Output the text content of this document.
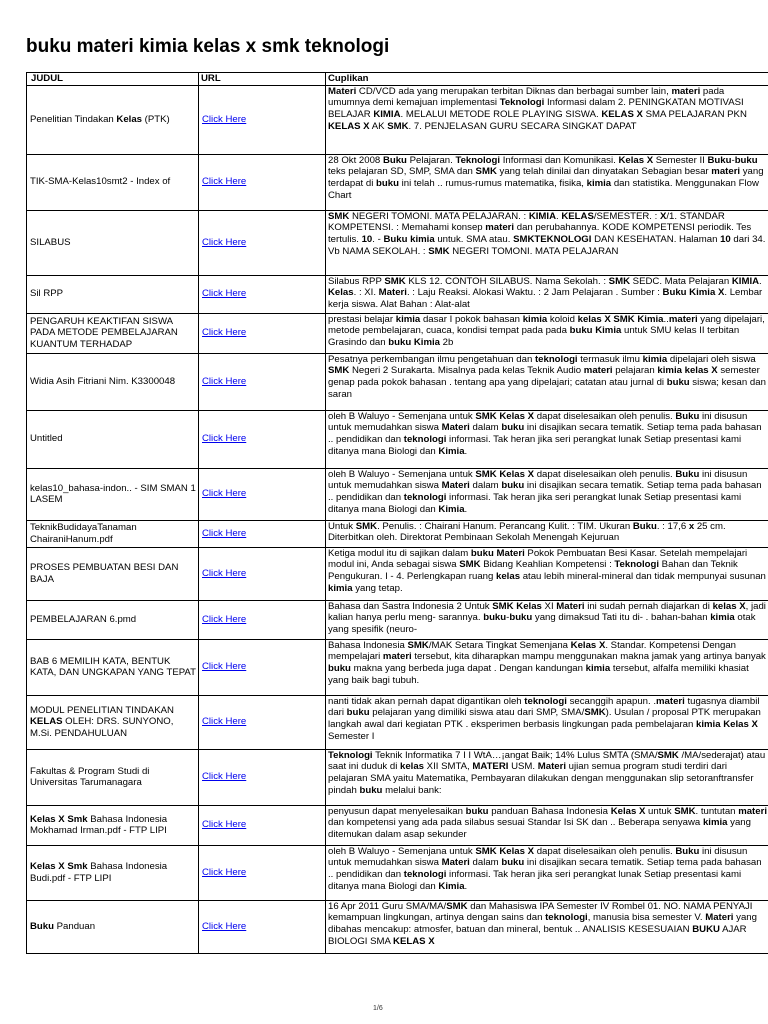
buku materi kimia kelas x smk teknologi
JUDUL	URL	Cuplikan
Penelitian Tindakan Kelas (PTK)	Click Here	Materi CD/VCD ada yang merupakan terbitan Diknas dan berbagai sumber lain, materi pada umumnya demi kemajuan implementasi Teknologi Informasi dalam 2. PENINGKATAN MOTIVASI BELAJAR KIMIA. MELALUI METODE ROLE PLAYING SISWA. KELAS X SMA PELAJARAN PKN KELAS X AK SMK. 7. PENJELASAN GURU SECARA SINGKAT DAPAT
TIK-SMA-Kelas10smt2 - Index of	Click Here	28 Okt 2008 Buku Pelajaran. Teknologi Informasi dan Komunikasi. Kelas X Semester II Buku-buku teks pelajaran SD, SMP, SMA dan SMK yang telah dinilai dan dinyatakan Sebagian besar materi yang terdapat di buku ini telah .. rumus-rumus matematika, fisika, kimia dan statistika. Menggunakan Flow Chart
SILABUS	Click Here	SMK NEGERI TOMONI. MATA PELAJARAN. : KIMIA. KELAS/SEMESTER. : X/1. STANDAR KOMPETENSI. : Memahami konsep materi dan perubahannya. KODE KOMPETENSI periodik. Tes tertulis. 10. - Buku kimia untuk. SMA atau. SMKTEKNOLOGI DAN KESEHATAN. Halaman 10 dari 34. Vb NAMA SEKOLAH. : SMK NEGERI TOMONI. MATA PELAJARAN
Sil RPP	Click Here	Silabus RPP SMK KLS 12. CONTOH SILABUS. Nama Sekolah. : SMK SEDC. Mata Pelajaran KIMIA. Kelas. : XI. Materi. : Laju Reaksi. Alokasi Waktu. : 2 Jam Pelajaran . Sumber : Buku Kimia X. Lembar kerja siswa. Alat Bahan : Alat-alat
PENGARUH KEAKTIFAN SISWA PADA METODE PEMBELAJARAN KUANTUM TERHADAP	Click Here	prestasi belajar kimia dasar I pokok bahasan kimia koloid kelas X SMK Kimia..materi yang dipelajari, metode pembelajaran, cuaca, kondisi tempat pada pada buku Kimia untuk SMU kelas II terbitan Grasindo dan buku Kimia 2b
Widia Asih Fitriani Nim. K3300048	Click Here	Pesatnya perkembangan ilmu pengetahuan dan teknologi termasuk ilmu kimia dipelajari oleh siswa SMK Negeri 2 Surakarta. Misalnya pada kelas Teknik Audio materi pelajaran kimia kelas X semester genap pada pokok bahasan . tentang apa yang dipelajari; catatan atau jurnal di buku siswa; kesan dan saran
Untitled	Click Here	oleh B Waluyo - Semenjana untuk SMK Kelas X dapat diselesaikan oleh penulis. Buku ini disusun untuk memudahkan siswa Materi dalam buku ini disajikan secara tematik. Setiap tema pada bahasan .. pendidikan dan teknologi informasi. Tak heran jika seri perangkat lunak Setiap presentasi kami ditanya mana Biologi dan Kimia.
kelas10_bahasa-indon.. - SIM SMAN 1 LASEM	Click Here	oleh B Waluyo - Semenjana untuk SMK Kelas X dapat diselesaikan oleh penulis. Buku ini disusun untuk memudahkan siswa Materi dalam buku ini disajikan secara tematik. Setiap tema pada bahasan .. pendidikan dan teknologi informasi. Tak heran jika seri perangkat lunak Setiap presentasi kami ditanya mana Biologi dan Kimia.
TeknikBudidayaTanaman ChairaniHanum.pdf	Click Here	Untuk SMK. Penulis. : Chairani Hanum. Perancang Kulit. : TIM. Ukuran Buku. : 17,6 x 25 cm. Diterbitkan oleh. Direktorat Pembinaan Sekolah Menengah Kejuruan
PROSES PEMBUATAN BESI DAN BAJA	Click Here	Ketiga modul itu di sajikan dalam buku Materi Pokok Pembuatan Besi Kasar. Setelah mempelajari modul ini, Anda sebagai siswa SMK Bidang Keahlian Kompetensi : Teknologi Bahan dan Teknik Pengukuran. I - 4. Perlengkapan ruang kelas atau lebih mineral-mineral dan tidak mempunyai susunan kimia yang tetap.
PEMBELAJARAN 6.pmd	Click Here	Bahasa dan Sastra Indonesia 2 Untuk SMK Kelas XI Materi ini sudah pernah diajarkan di kelas X, jadi kalian hanya perlu meng- sarannya. buku-buku yang dimaksud Tati itu di- . bahan-bahan kimia otak yang spesifik (neuro-
BAB 6 MEMILIH KATA, BENTUK KATA, DAN UNGKAPAN YANG TEPAT	Click Here	Bahasa Indonesia SMK/MAK Setara Tingkat Semenjana Kelas X. Standar. Kompetensi Dengan mempelajari materi tersebut, kita diharapkan mampu menggunakan makna jamak yang artinya banyak buku makna yang berbeda juga dapat . Dengan kandungan kimia tersebut, alfalfa memiliki khasiat yang baik bagi tubuh.
MODUL PENELITIAN TINDAKAN KELAS OLEH: DRS. SUNYONO, M.Si. PENDAHULUAN	Click Here	nanti tidak akan pernah dapat digantikan oleh teknologi secanggih apapun. .materi tugasnya diambil dari buku pelajaran yang dimiliki siswa atau dari SMP, SMA/SMK). Usulan / proposal PTK merupakan langkah awal dari kegiatan PTK . eksperimen berbasis lingkungan pada pembelajaran kimia Kelas X Semester I
Fakultas & Program Studi di Universitas Tarumanagara	Click Here	Teknologi Teknik Informatika 7 I I WtA…¡angat Baik; 14% Lulus SMTA (SMA/SMK /MA/sederajat) atau saat ini duduk di kelas XII SMTA, MATERI USM. Materi ujian semua program studi terdiri dari pelajaran SMA yaitu Matematika, Pembayaran dilakukan dengan menggunakan slip setoranftransfer pindah buku melalui bank:
Kelas X Smk Bahasa Indonesia Mokhamad Irman.pdf - FTP LIPI	Click Here	penyusun dapat menyelesaikan buku panduan Bahasa Indonesia Kelas X untuk SMK. tuntutan materi dan kompetensi yang ada pada silabus sesuai Standar Isi SK dan .. Beberapa senyawa kimia yang ditemukan dalam asap sekunder
Kelas X Smk Bahasa Indonesia Budi.pdf - FTP LIPI	Click Here	oleh B Waluyo - Semenjana untuk SMK Kelas X dapat diselesaikan oleh penulis. Buku ini disusun untuk memudahkan siswa Materi dalam buku ini disajikan secara tematik. Setiap tema pada bahasan .. pendidikan dan teknologi informasi. Tak heran jika seri perangkat lunak Setiap presentasi kami ditanya mana Biologi dan Kimia.
Buku Panduan	Click Here	16 Apr 2011 Guru SMA/MA/SMK dan Mahasiswa IPA Semester IV Rombel 01. NO. NAMA PENYAJI kemampuan lingkungan, artinya dengan sains dan teknologi, manusia bisa semester V. Materi yang dibahas mencakup: atmosfer, batuan dan mineral, bentuk .. ANALISIS KESESUAIAN BUKU AJAR BIOLOGI SMA KELAS X
1/6
